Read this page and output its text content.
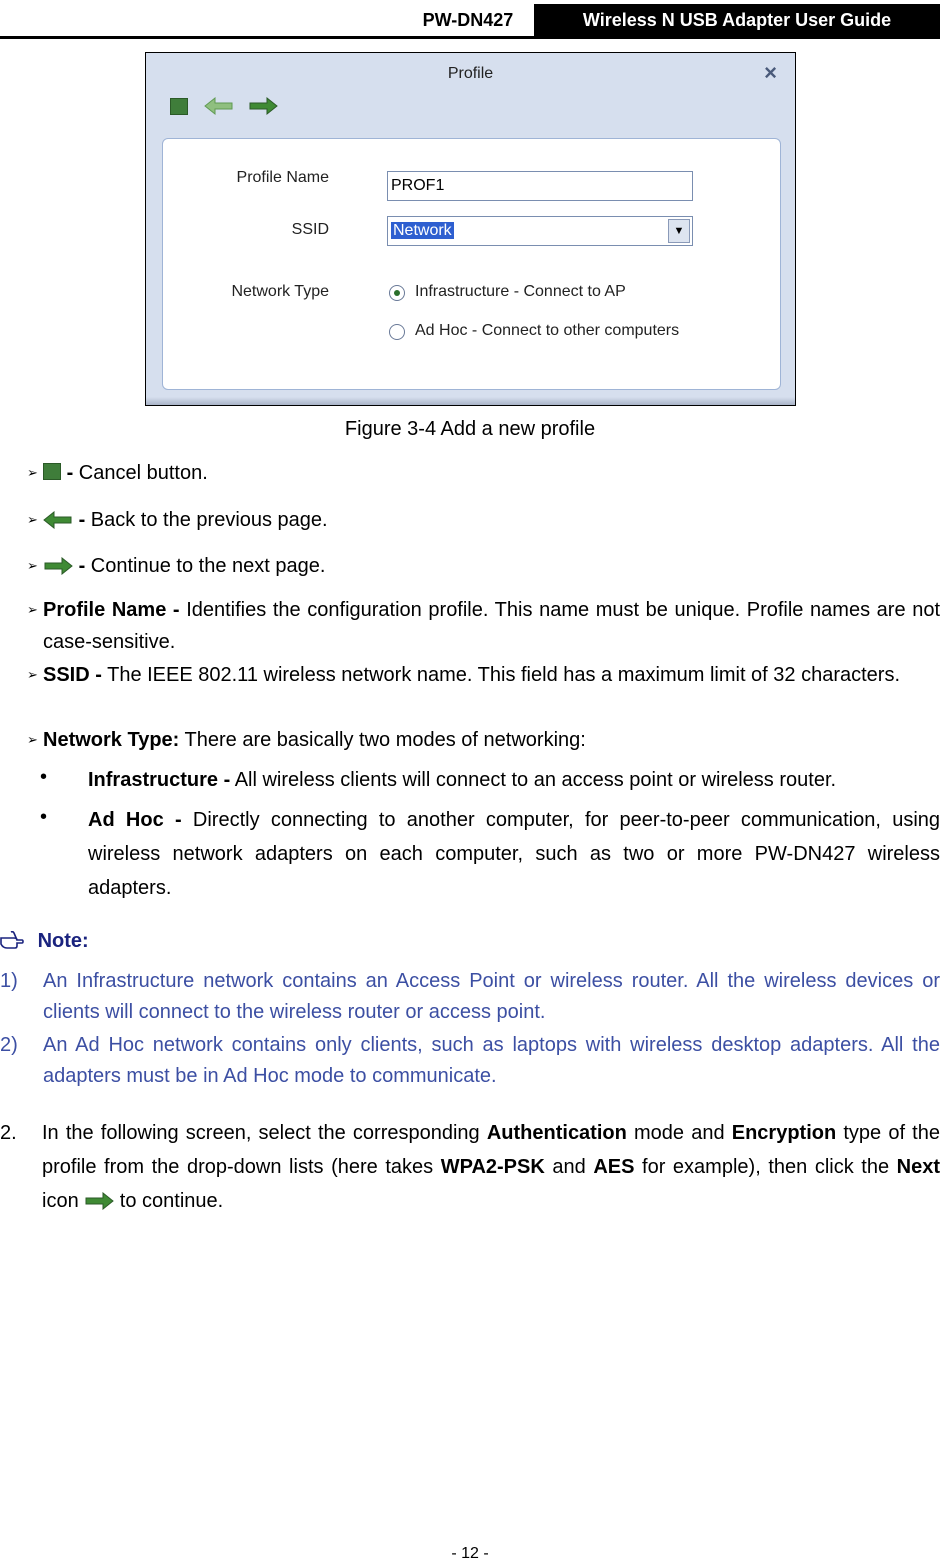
PW-DN427	Wireless N USB Adapter User Guide
Profile	×
Profile Name	PROF1
SSID	Network	▼
Network Type	Infrastructure - Connect to AP
Ad Hoc - Connect to other computers
Figure 3-4 Add a new profile
➢	- Cancel button.
➢	- Back to the previous page.
➢	- Continue to the next page.
➢ Profile Name - Identifies the configuration profile. This name must be unique. Profile names are not case-sensitive.
➢ SSID - The IEEE 802.11 wireless network name. This field has a maximum limit of 32 characters.
➢ Network Type: There are basically two modes of networking:
• Infrastructure - All wireless clients will connect to an access point or wireless router.
• Ad Hoc - Directly connecting to another computer, for peer-to-peer communication, using wireless network adapters on each computer, such as two or more PW-DN427 wireless adapters.
Note:
1) An Infrastructure network contains an Access Point or wireless router. All the wireless devices or clients will connect to the wireless router or access point.
2) An Ad Hoc network contains only clients, such as laptops with wireless desktop adapters. All the adapters must be in Ad Hoc mode to communicate.
2. In the following screen, select the corresponding Authentication mode and Encryption type of the profile from the drop-down lists (here takes WPA2-PSK and AES for example), then click the Next icon  to continue.
- 12 -
